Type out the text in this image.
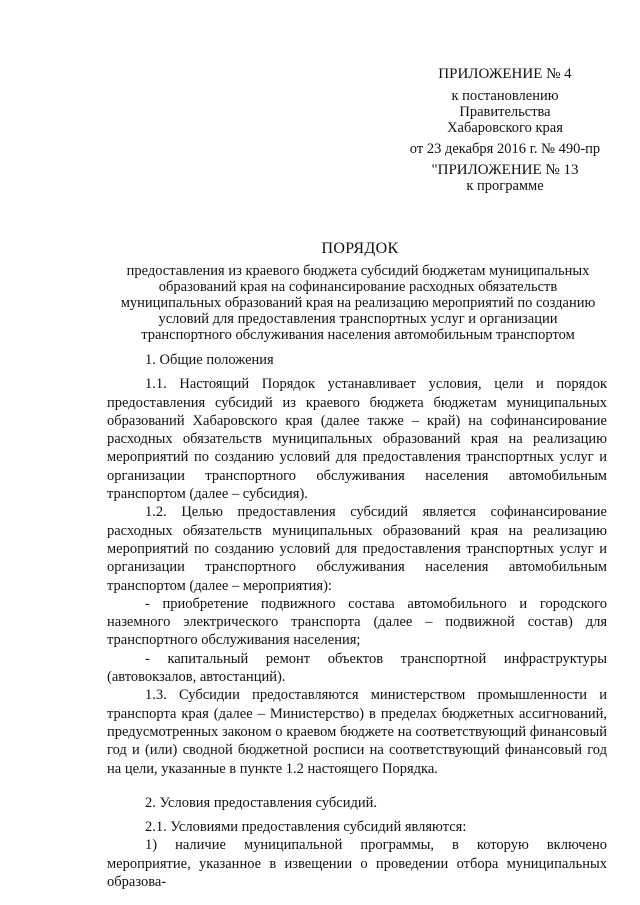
ПРИЛОЖЕНИЕ № 4
к постановлению
Правительства
Хабаровского края
от 23 декабря 2016 г. № 490-пр
"ПРИЛОЖЕНИЕ № 13
к программе
ПОРЯДОК
предоставления из краевого бюджета субсидий бюджетам муниципальных образований края на софинансирование расходных обязательств муниципальных образований края на реализацию мероприятий по созданию условий для предоставления транспортных услуг и организации транспортного обслуживания населения автомобильным транспортом

1. Общие положения

1.1. Настоящий Порядок устанавливает условия, цели и порядок предоставления субсидий из краевого бюджета бюджетам муниципальных образований Хабаровского края (далее также – край) на софинансирование расходных обязательств муниципальных образований края на реализацию мероприятий по созданию условий для предоставления транспортных услуг и организации транспортного обслуживания населения автомобильным транспортом (далее – субсидия).

1.2. Целью предоставления субсидий является софинансирование расходных обязательств муниципальных образований края на реализацию мероприятий по созданию условий для предоставления транспортных услуг и организации транспортного обслуживания населения автомобильным транспортом (далее – мероприятия):

- приобретение подвижного состава автомобильного и городского наземного электрического транспорта (далее – подвижной состав) для транспортного обслуживания населения;

- капитальный ремонт объектов транспортной инфраструктуры (автовокзалов, автостанций).

1.3. Субсидии предоставляются министерством промышленности и транспорта края (далее – Министерство) в пределах бюджетных ассигнований, предусмотренных законом о краевом бюджете на соответствующий финансовый год и (или) сводной бюджетной росписи на соответствующий финансовый год на цели, указанные в пункте 1.2 настоящего Порядка.

2. Условия предоставления субсидий.

2.1. Условиями предоставления субсидий являются:

1) наличие муниципальной программы, в которую включено мероприятие, указанное в извещении о проведении отбора муниципальных образова-
